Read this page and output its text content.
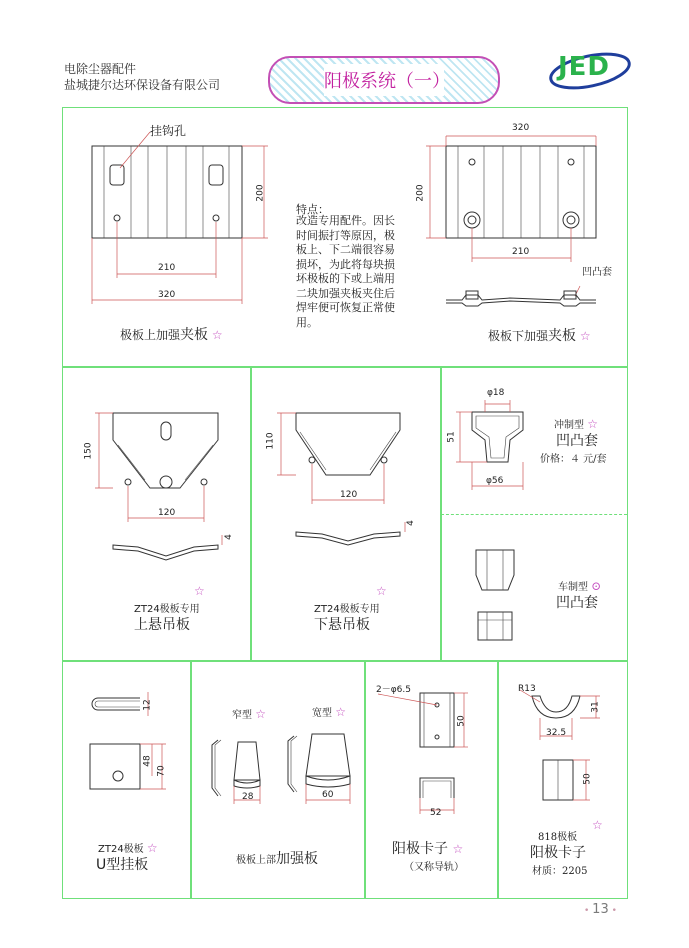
电除尘器配件
盐城捷尔达环保设备有限公司	阳极系统（一）	JED
挂钩孔
200
210
320
极板上加强夹板 ☆
特点：
改造专用配件。因长
时间振打等原因，极
板上、下二端很容易
损坏，为此将每块损
坏极板的下或上端用
二块加强夹板夹住后
焊牢便可恢复正常使
用。
320
200
210
凹凸套
极板下加强夹板 ☆
150
120
4
☆
ZT24极板专用
上悬吊板
110
120
4
☆
ZT24极板专用
下悬吊板
φ18
51
φ56
冲制型 ☆
凹凸套
价格：４ 元/套
车制型 ⊙
凹凸套
12
48
70
ZT24极板 ☆
U型挂板
窄型 ☆	宽型 ☆
28	60
极板上部加强板
2－φ6.5
50
52
阳极卡子 ☆
（又称导轨）
R13
31
32.5
50
☆
818极板
阳极卡子
材质：2205
• 13 •
